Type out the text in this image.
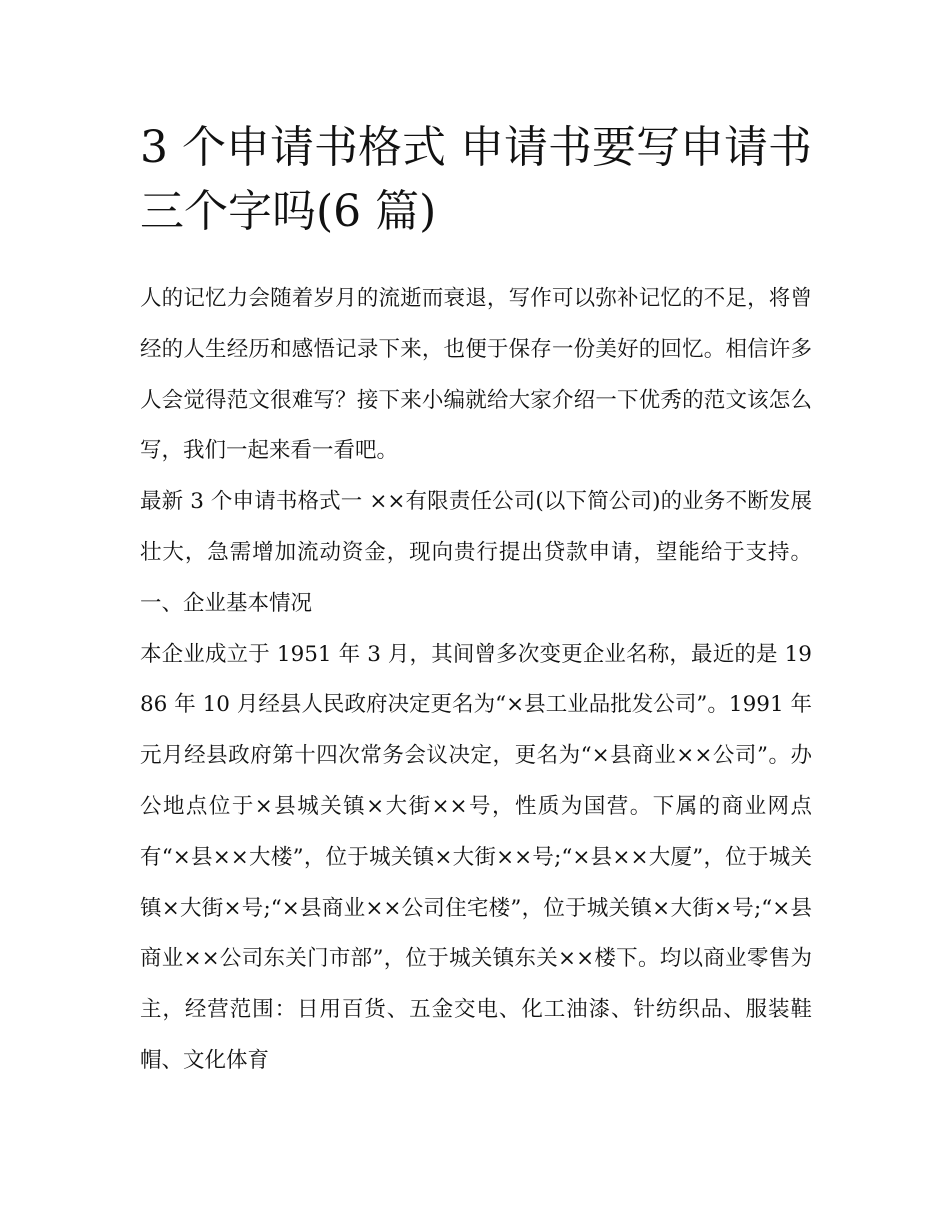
3 个申请书格式 申请书要写申请书三个字吗(6 篇)

人的记忆力会随着岁月的流逝而衰退，写作可以弥补记忆的不足，将曾经的人生经历和感悟记录下来，也便于保存一份美好的回忆。相信许多人会觉得范文很难写？接下来小编就给大家介绍一下优秀的范文该怎么写，我们一起来看一看吧。

最新 3 个申请书格式一 ××有限责任公司(以下简公司)的业务不断发展壮大，急需增加流动资金，现向贵行提出贷款申请，望能给于支持。 一、企业基本情况

本企业成立于 1951 年 3 月，其间曾多次变更企业名称，最近的是 1986 年 10 月经县人民政府决定更名为“×县工业品批发公司”。1991 年元月经县政府第十四次常务会议决定，更名为“×县商业××公司”。办公地点位于×县城关镇×大街××号，性质为国营。下属的商业网点有“×县××大楼”，位于城关镇×大街××号;“×县××大厦”，位于城关镇×大街×号;“×县商业××公司住宅楼”，位于城关镇×大街×号;“×县商业××公司东关门市部”，位于城关镇东关××楼下。均以商业零售为主，经营范围：日用百货、五金交电、化工油漆、针纺织品、服装鞋帽、文化体育
